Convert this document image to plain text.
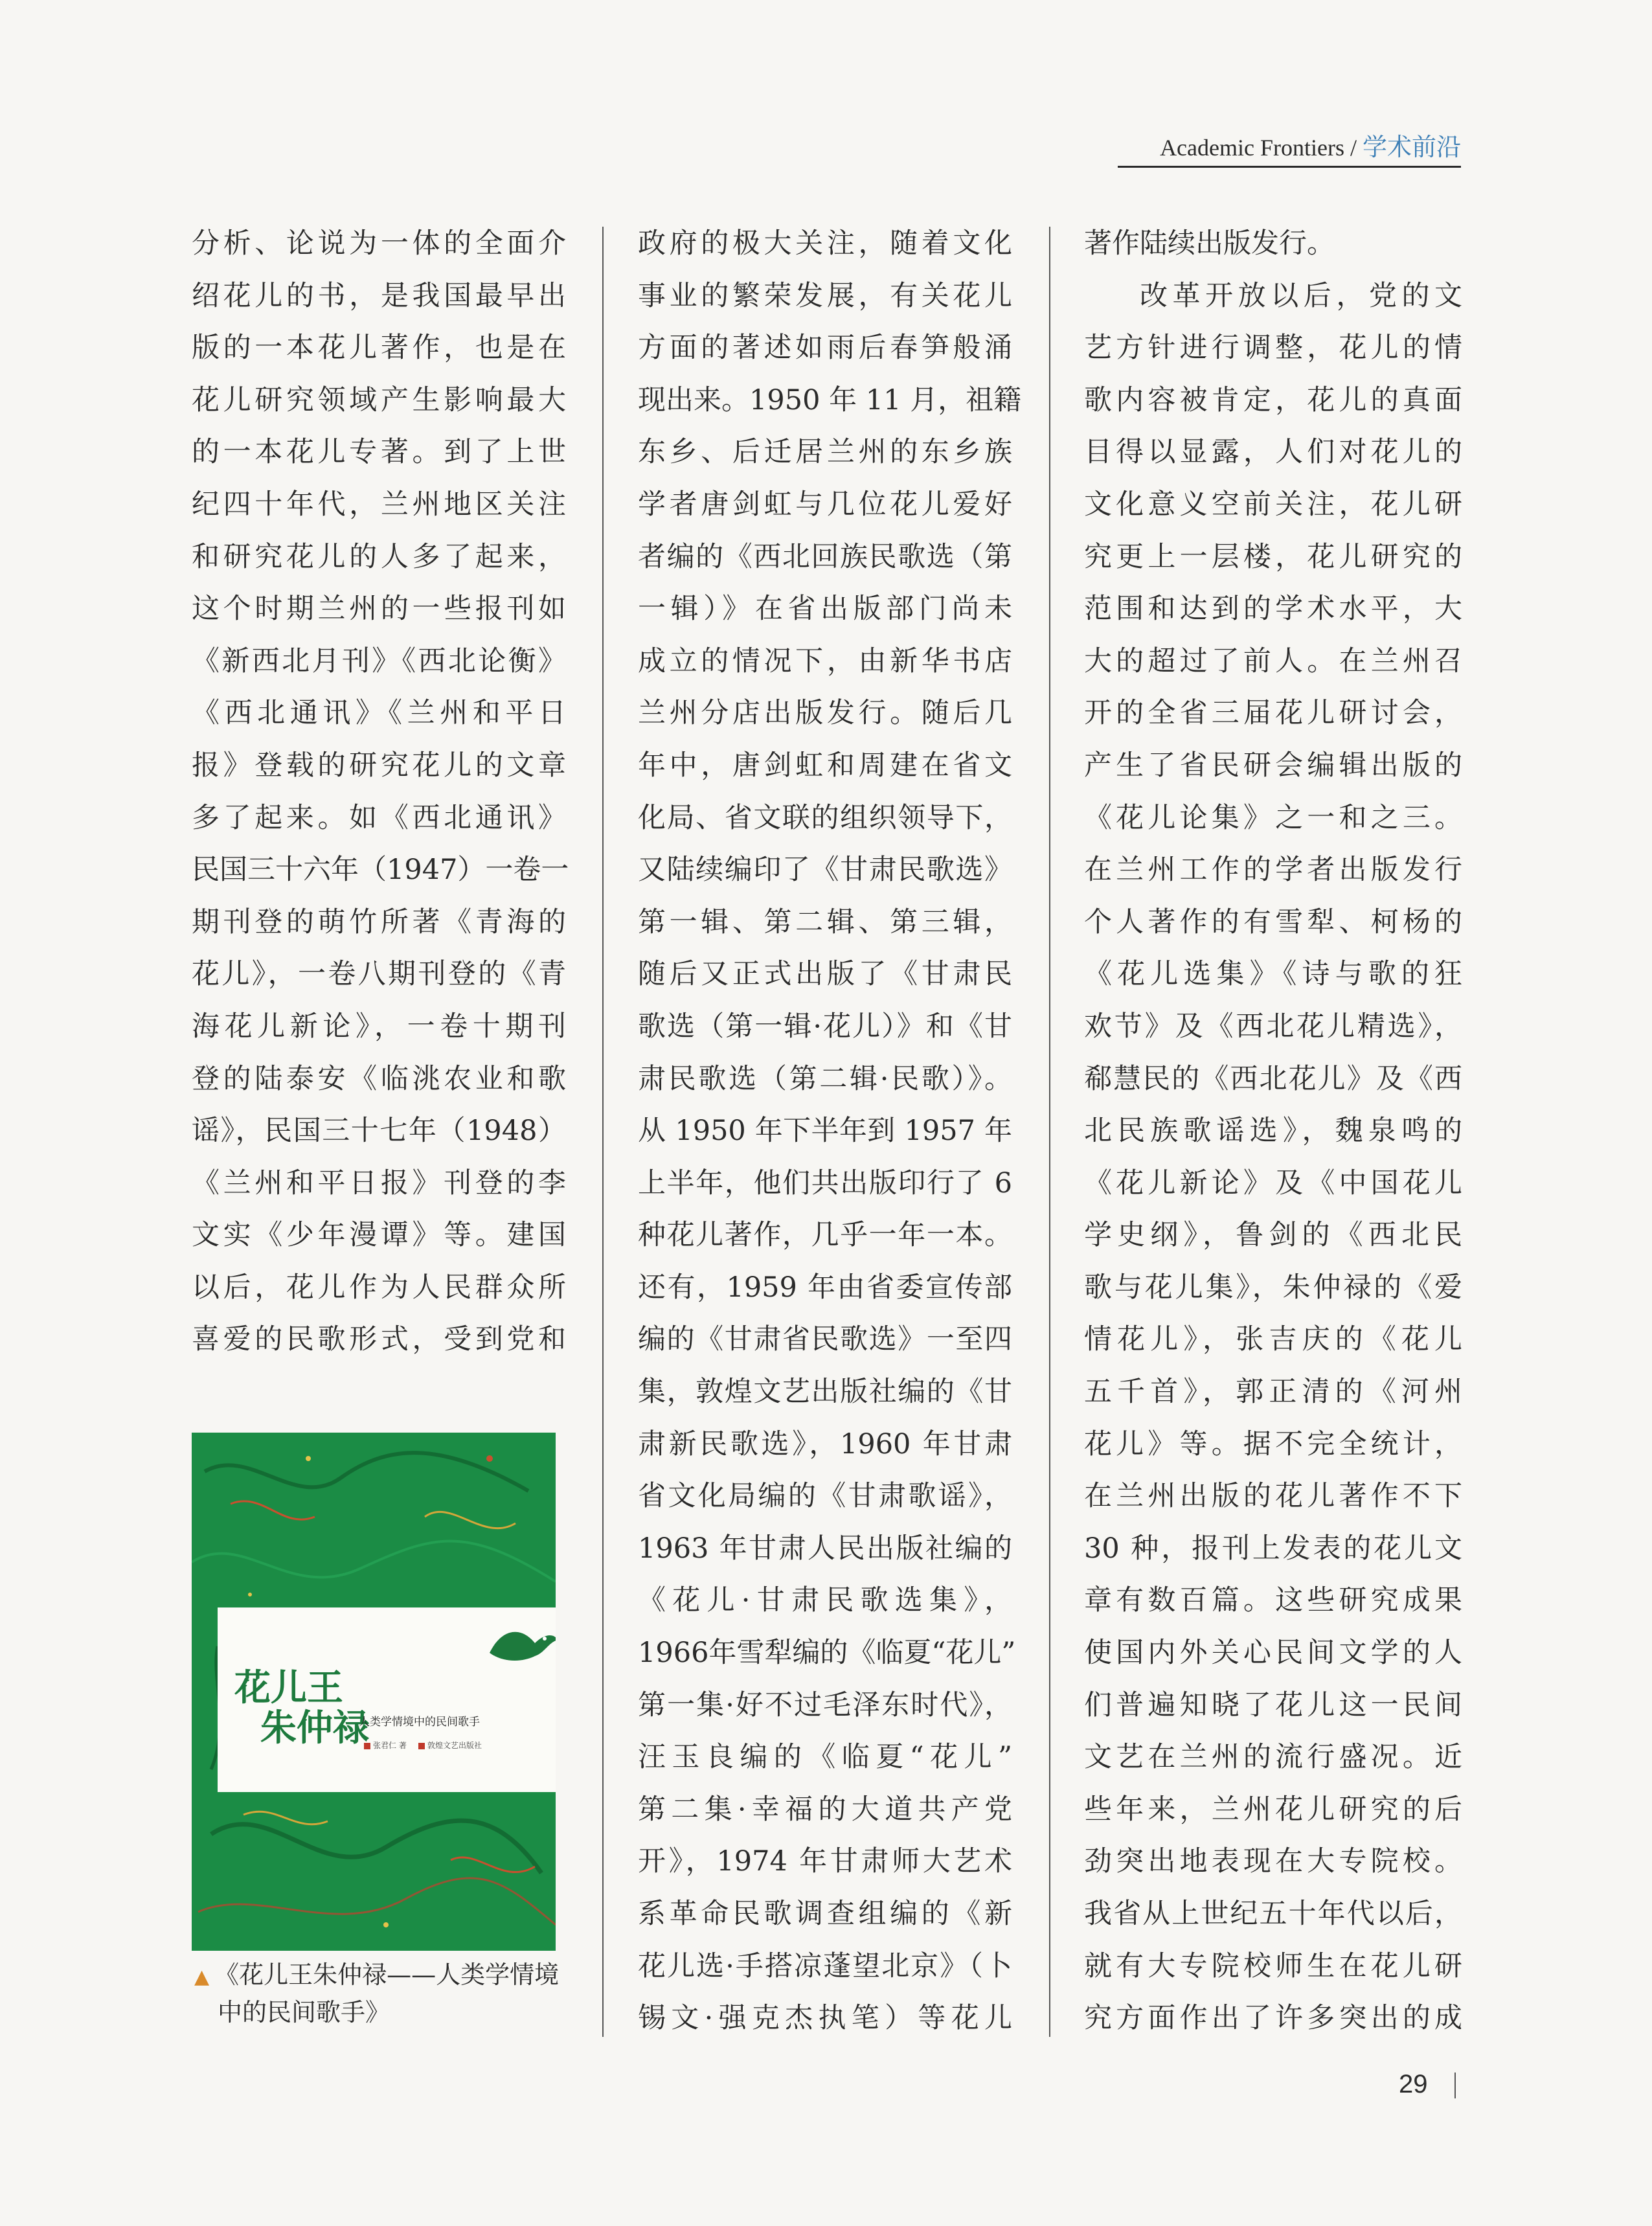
Academic Frontiers / 学术前沿
分析、论说为一体的全面介
绍花儿的书，是我国最早出
版的一本花儿著作，也是在
花儿研究领域产生影响最大
的一本花儿专著。到了上世
纪四十年代，兰州地区关注
和研究花儿的人多了起来，
这个时期兰州的一些报刊如
《新西北月刊》《西北论衡》
《西北通讯》《兰州和平日
报》登载的研究花儿的文章
多了起来。如《西北通讯》
民国三十六年（1947）一卷一
期刊登的萌竹所著《青海的
花儿》，一卷八期刊登的《青
海花儿新论》，一卷十期刊
登的陆泰安《临洮农业和歌
谣》，民国三十七年（1948）
《兰州和平日报》刊登的李
文实《少年漫谭》等。建国
以后，花儿作为人民群众所
喜爱的民歌形式，受到党和
政府的极大关注，随着文化
事业的繁荣发展，有关花儿
方面的著述如雨后春笋般涌
现出来。1950 年 11 月，祖籍
东乡、后迁居兰州的东乡族
学者唐剑虹与几位花儿爱好
者编的《西北回族民歌选（第
一辑）》在省出版部门尚未
成立的情况下，由新华书店
兰州分店出版发行。随后几
年中，唐剑虹和周建在省文
化局、省文联的组织领导下，
又陆续编印了《甘肃民歌选》
第一辑、第二辑、第三辑，
随后又正式出版了《甘肃民
歌选（第一辑·花儿）》和《甘
肃民歌选（第二辑·民歌）》。
从 1950 年下半年到 1957 年
上半年，他们共出版印行了 6
种花儿著作，几乎一年一本。
还有，1959 年由省委宣传部
编的《甘肃省民歌选》一至四
集，敦煌文艺出版社编的《甘
肃新民歌选》，1960 年甘肃
省文化局编的《甘肃歌谣》，
1963 年甘肃人民出版社编的
《花儿·甘肃民歌选集》，
1966年雪犁编的《临夏“花儿”
第一集·好不过毛泽东时代》，
汪玉良编的《临夏“花儿”
第二集·幸福的大道共产党
开》，1974 年甘肃师大艺术
系革命民歌调查组编的《新
花儿选·手搭凉蓬望北京》（卜
锡文·强克杰执笔）等花儿
著作陆续出版发行。
改革开放以后，党的文
艺方针进行调整，花儿的情
歌内容被肯定，花儿的真面
目得以显露，人们对花儿的
文化意义空前关注，花儿研
究更上一层楼，花儿研究的
范围和达到的学术水平，大
大的超过了前人。在兰州召
开的全省三届花儿研讨会，
产生了省民研会编辑出版的
《花儿论集》之一和之三。
在兰州工作的学者出版发行
个人著作的有雪犁、柯杨的
《花儿选集》《诗与歌的狂
欢节》及《西北花儿精选》，
郗慧民的《西北花儿》及《西
北民族歌谣选》，魏泉鸣的
《花儿新论》及《中国花儿
学史纲》，鲁剑的《西北民
歌与花儿集》，朱仲禄的《爱
情花儿》，张吉庆的《花儿
五千首》，郭正清的《河州
花儿》等。据不完全统计，
在兰州出版的花儿著作不下
30 种，报刊上发表的花儿文
章有数百篇。这些研究成果
使国内外关心民间文学的人
们普遍知晓了花儿这一民间
文艺在兰州的流行盛况。近
些年来，兰州花儿研究的后
劲突出地表现在大专院校。
我省从上世纪五十年代以后，
就有大专院校师生在花儿研
究方面作出了许多突出的成
花儿王
朱仲禄
人类学情境中的民间歌手
张君仁 著	敦煌文艺出版社
▲ 《花儿王朱仲禄——人类学情境
中的民间歌手》
29
